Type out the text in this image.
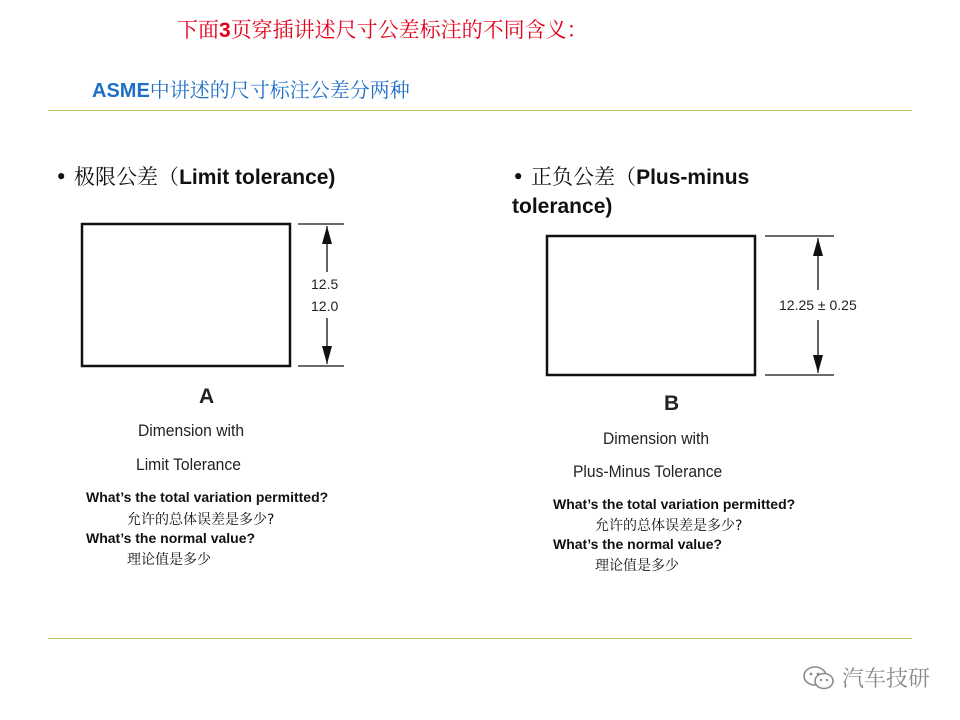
下面3页穿插讲述尺寸公差标注的不同含义：
ASME中讲述的尺寸标注公差分两种
• 极限公差（Limit tolerance)	• 正负公差（Plus-minus
tolerance)
12.5
12.0
A
Dimension with
Limit Tolerance
What’s the total variation permitted?
允许的总体误差是多少?
What’s the normal value?
理论值是多少
12.25 ± 0.25
B
Dimension with
Plus-Minus Tolerance
What’s the total variation permitted?
允许的总体误差是多少?
What’s the normal value?
理论值是多少
汽车技研
